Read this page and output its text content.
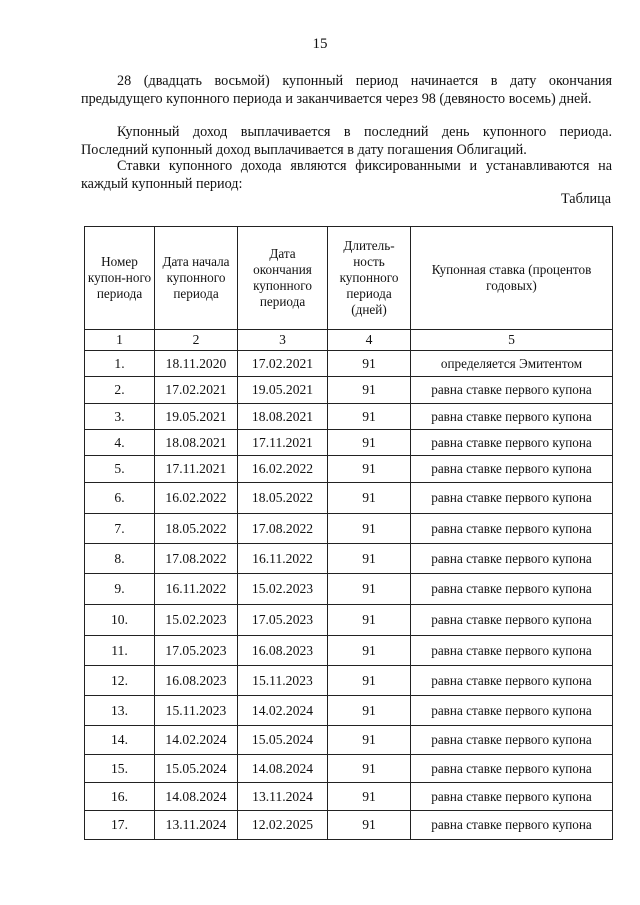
15

28 (двадцать восьмой) купонный период начинается в дату окончания предыдущего купонного периода и заканчивается через 98 (девяносто восемь) дней.

Купонный доход выплачивается в последний день купонного периода. Последний купонный доход выплачивается в дату погашения Облигаций.

Ставки купонного дохода являются фиксированными и устанавливаются на каждый купонный период:

Таблица
Номер купон-ного периода	Дата начала купонного периода	Дата окончания купонного периода	Длитель-ность купонного периода (дней)	Купонная ставка (процентов годовых)
1	2	3	4	5
1.	18.11.2020	17.02.2021	91	определяется Эмитентом
2.	17.02.2021	19.05.2021	91	равна ставке первого купона
3.	19.05.2021	18.08.2021	91	равна ставке первого купона
4.	18.08.2021	17.11.2021	91	равна ставке первого купона
5.	17.11.2021	16.02.2022	91	равна ставке первого купона
6.	16.02.2022	18.05.2022	91	равна ставке первого купона
7.	18.05.2022	17.08.2022	91	равна ставке первого купона
8.	17.08.2022	16.11.2022	91	равна ставке первого купона
9.	16.11.2022	15.02.2023	91	равна ставке первого купона
10.	15.02.2023	17.05.2023	91	равна ставке первого купона
11.	17.05.2023	16.08.2023	91	равна ставке первого купона
12.	16.08.2023	15.11.2023	91	равна ставке первого купона
13.	15.11.2023	14.02.2024	91	равна ставке первого купона
14.	14.02.2024	15.05.2024	91	равна ставке первого купона
15.	15.05.2024	14.08.2024	91	равна ставке первого купона
16.	14.08.2024	13.11.2024	91	равна ставке первого купона
17.	13.11.2024	12.02.2025	91	равна ставке первого купона
